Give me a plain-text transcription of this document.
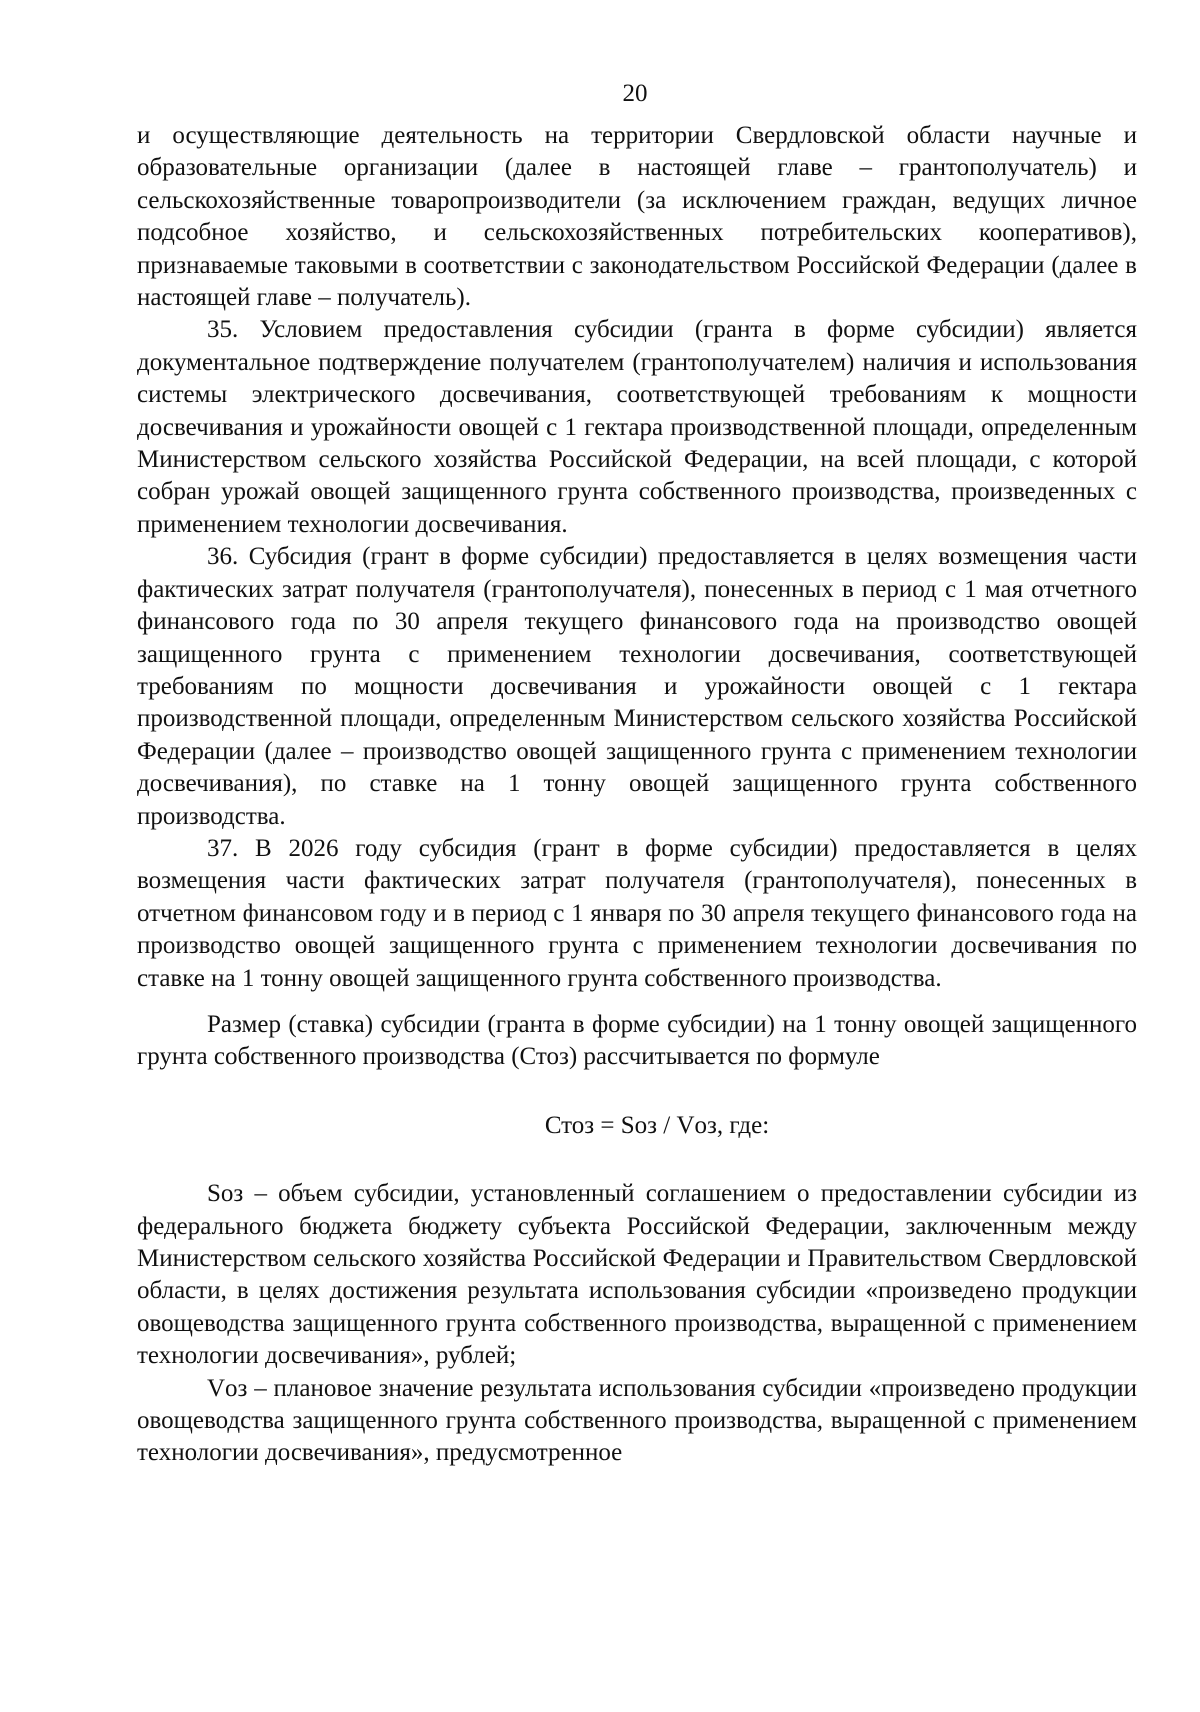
20

и осуществляющие деятельность на территории Свердловской области научные и образовательные организации (далее в настоящей главе – грантополучатель) и сельскохозяйственные товаропроизводители (за исключением граждан, ведущих личное подсобное хозяйство, и сельскохозяйственных потребительских кооперативов), признаваемые таковыми в соответствии с законодательством Российской Федерации (далее в настоящей главе – получатель).

35. Условием предоставления субсидии (гранта в форме субсидии) является документальное подтверждение получателем (грантополучателем) наличия и использования системы электрического досвечивания, соответствующей требованиям к мощности досвечивания и урожайности овощей с 1 гектара производственной площади, определенным Министерством сельского хозяйства Российской Федерации, на всей площади, с которой собран урожай овощей защищенного грунта собственного производства, произведенных с применением технологии досвечивания.

36. Субсидия (грант в форме субсидии) предоставляется в целях возмещения части фактических затрат получателя (грантополучателя), понесенных в период с 1 мая отчетного финансового года по 30 апреля текущего финансового года на производство овощей защищенного грунта с применением технологии досвечивания, соответствующей требованиям по мощности досвечивания и урожайности овощей с 1 гектара производственной площади, определенным Министерством сельского хозяйства Российской Федерации (далее – производство овощей защищенного грунта с применением технологии досвечивания), по ставке на 1 тонну овощей защищенного грунта собственного производства.

37. В 2026 году субсидия (грант в форме субсидии) предоставляется в целях возмещения части фактических затрат получателя (грантополучателя), понесенных в отчетном финансовом году и в период с 1 января по 30 апреля текущего финансового года на производство овощей защищенного грунта с применением технологии досвечивания по ставке на 1 тонну овощей защищенного грунта собственного производства.

Размер (ставка) субсидии (гранта в форме субсидии) на 1 тонну овощей защищенного грунта собственного производства (Стоз) рассчитывается по формуле

Стоз = Sоз / Vоз, где:

Sоз – объем субсидии, установленный соглашением о предоставлении субсидии из федерального бюджета бюджету субъекта Российской Федерации, заключенным между Министерством сельского хозяйства Российской Федерации и Правительством Свердловской области, в целях достижения результата использования субсидии «произведено продукции овощеводства защищенного грунта собственного производства, выращенной с применением технологии досвечивания», рублей;

Vоз – плановое значение результата использования субсидии «произведено продукции овощеводства защищенного грунта собственного производства, выращенной с применением технологии досвечивания», предусмотренное
